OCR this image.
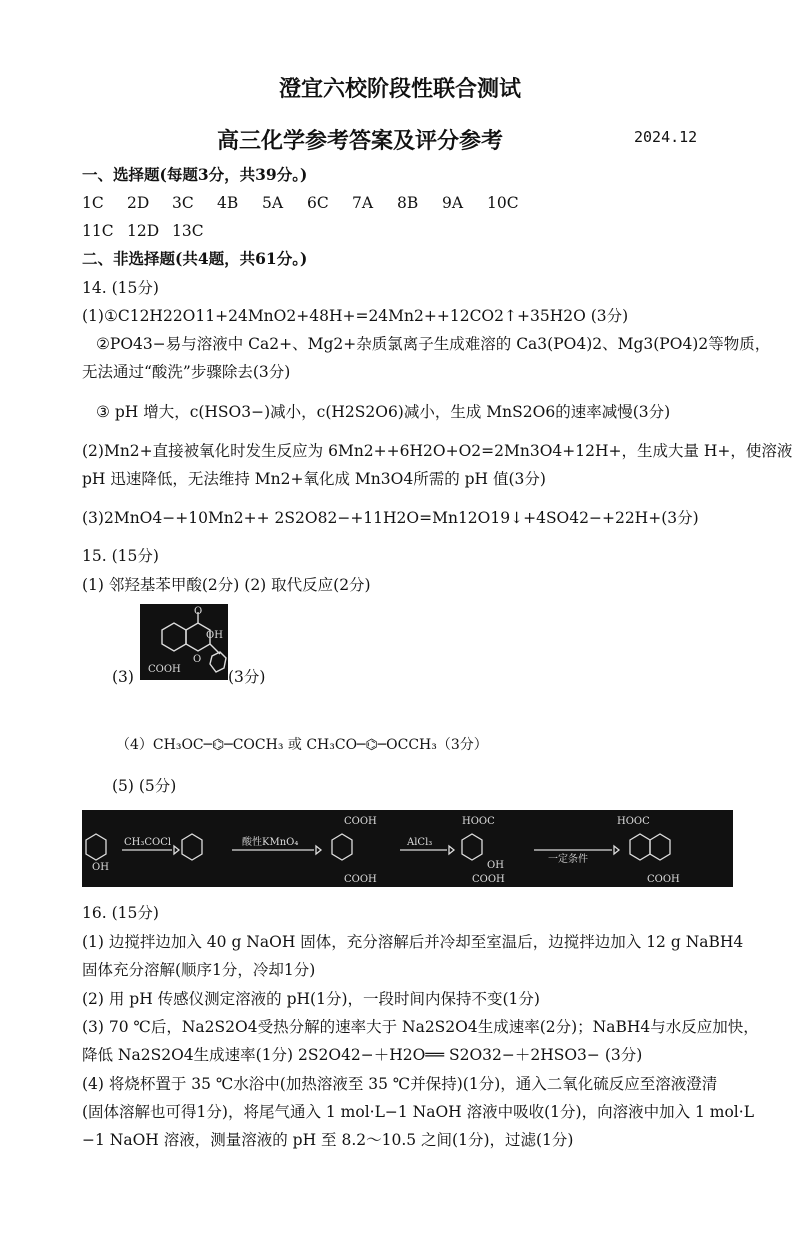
澄宜六校阶段性联合测试
高三化学参考答案及评分参考	2024.12
一、选择题(每题3分，共39分。)
1C 2D 3C 4B 5A 6C 7A 8B 9A 10C
11C 12D 13C
二、非选择题(共4题，共61分。)
14. (15分)
(1)①C12H22O11+24MnO2+48H+=24Mn2++12CO2↑+35H2O (3分)
②PO43−易与溶液中 Ca2+、Mg2+杂质氯离子生成难溶的 Ca3(PO4)2、Mg3(PO4)2等物质，
无法通过“酸洗”步骤除去(3分)
③ pH 增大，c(HSO3−)减小，c(H2S2O6)减小，生成 MnS2O6的速率减慢(3分)
(2)Mn2+直接被氧化时发生反应为 6Mn2++6H2O+O2=2Mn3O4+12H+，生成大量 H+，使溶液
pH 迅速降低，无法维持 Mn2+氧化成 Mn3O4所需的 pH 值(3分)
(3)2MnO4−+10Mn2++ 2S2O82−+11H2O=Mn12O19↓+4SO42−+22H+(3分)
15. (15分)
(1) 邻羟基苯甲酸(2分) (2) 取代反应(2分)
(3)
O
OH
O
COOH	(3分)
（4）CH₃OC─⌬─COCH₃ 或 CH₃CO─⌬─OCCH₃（3分）
(5) (5分)
CH₃COCl	酸性KMnO₄	AlCl₃
一定条件
COOH
COOH
HOOC
COOH
HOOC
COOH
OH	OH
16. (15分)
(1) 边搅拌边加入 40 g NaOH 固体，充分溶解后并冷却至室温后，边搅拌边加入 12 g NaBH4
固体充分溶解(顺序1分，冷却1分)
(2) 用 pH 传感仪测定溶液的 pH(1分)，一段时间内保持不变(1分)
(3) 70 ℃后，Na2S2O4受热分解的速率大于 Na2S2O4生成速率(2分)；NaBH4与水反应加快，
降低 Na2S2O4生成速率(1分) 2S2O42−＋H2O══ S2O32−＋2HSO3− (3分)
(4) 将烧杯置于 35 ℃水浴中(加热溶液至 35 ℃并保持)(1分)，通入二氧化硫反应至溶液澄清
(固体溶解也可得1分)，将尾气通入 1 mol·L−1 NaOH 溶液中吸收(1分)，向溶液中加入 1 mol·L
−1 NaOH 溶液，测量溶液的 pH 至 8.2～10.5 之间(1分)，过滤(1分)
